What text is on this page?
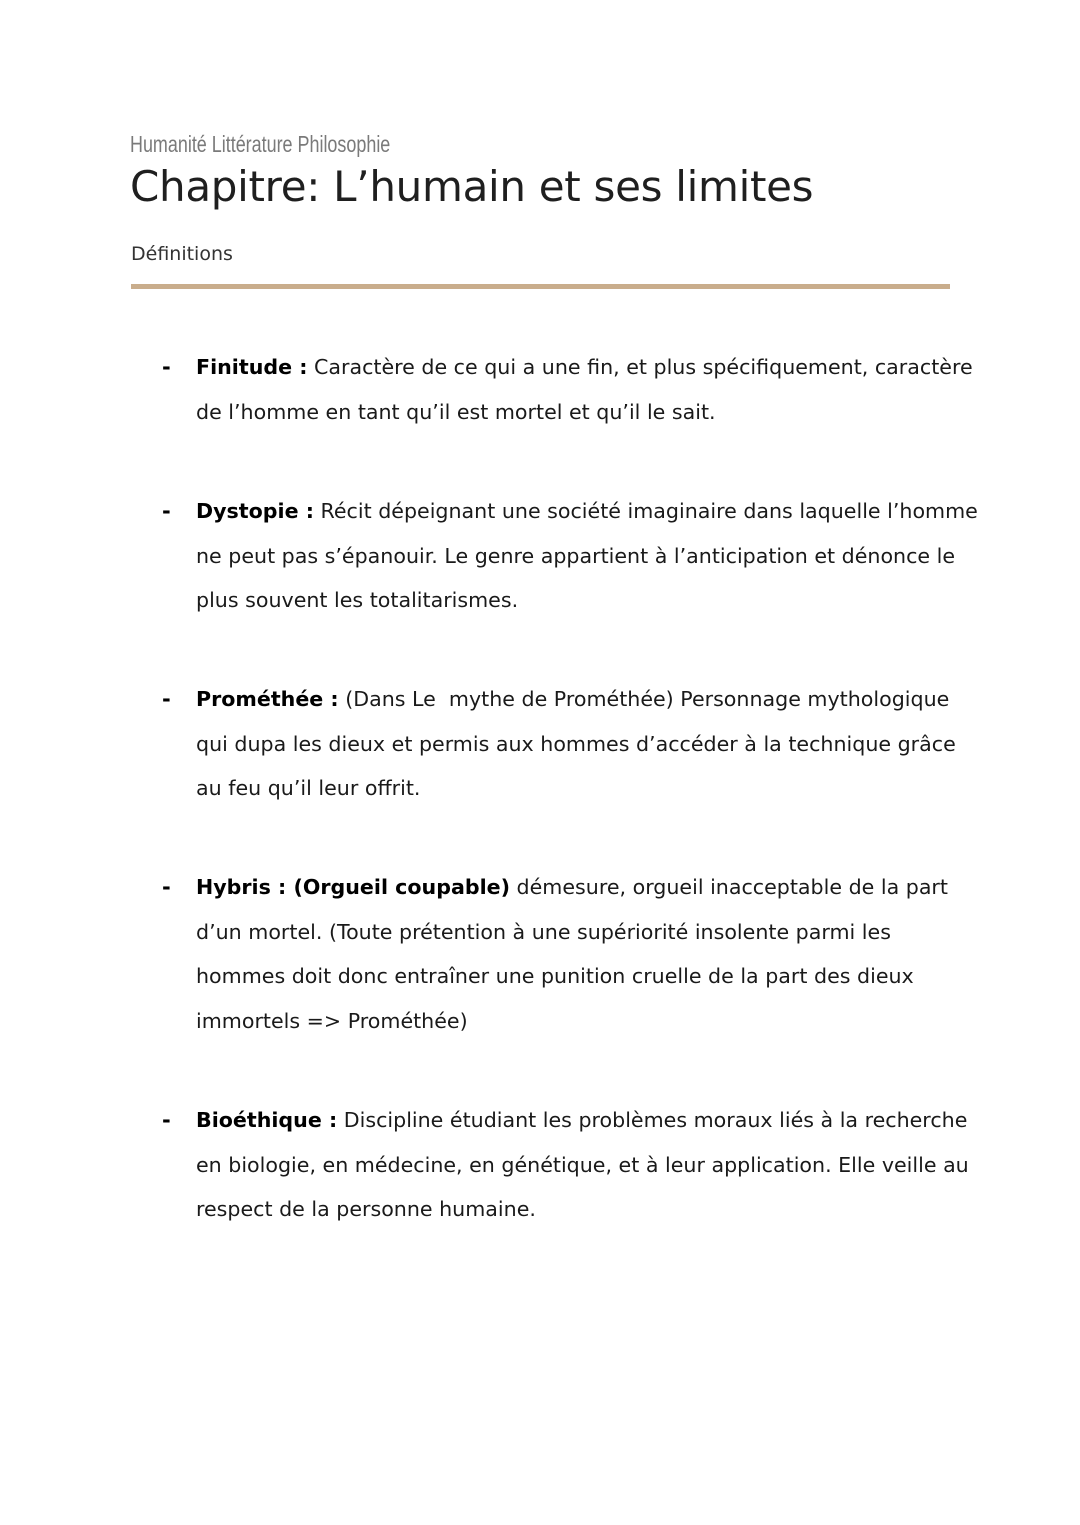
Humanité Littérature Philosophie
Chapitre: L’humain et ses limites
Définitions
- Finitude : Caractère de ce qui a une fin, et plus spécifiquement, caractère
de l’homme en tant qu’il est mortel et qu’il le sait.
- Dystopie : Récit dépeignant une société imaginaire dans laquelle l’homme
ne peut pas s’épanouir. Le genre appartient à l’anticipation et dénonce le
plus souvent les totalitarismes.
- Prométhée : (Dans Le  mythe de Prométhée) Personnage mythologique
qui dupa les dieux et permis aux hommes d’accéder à la technique grâce
au feu qu’il leur offrit.
- Hybris : (Orgueil coupable) démesure, orgueil inacceptable de la part
d’un mortel. (Toute prétention à une supériorité insolente parmi les
hommes doit donc entraîner une punition cruelle de la part des dieux
immortels => Prométhée)
- Bioéthique : Discipline étudiant les problèmes moraux liés à la recherche
en biologie, en médecine, en génétique, et à leur application. Elle veille au
respect de la personne humaine.
